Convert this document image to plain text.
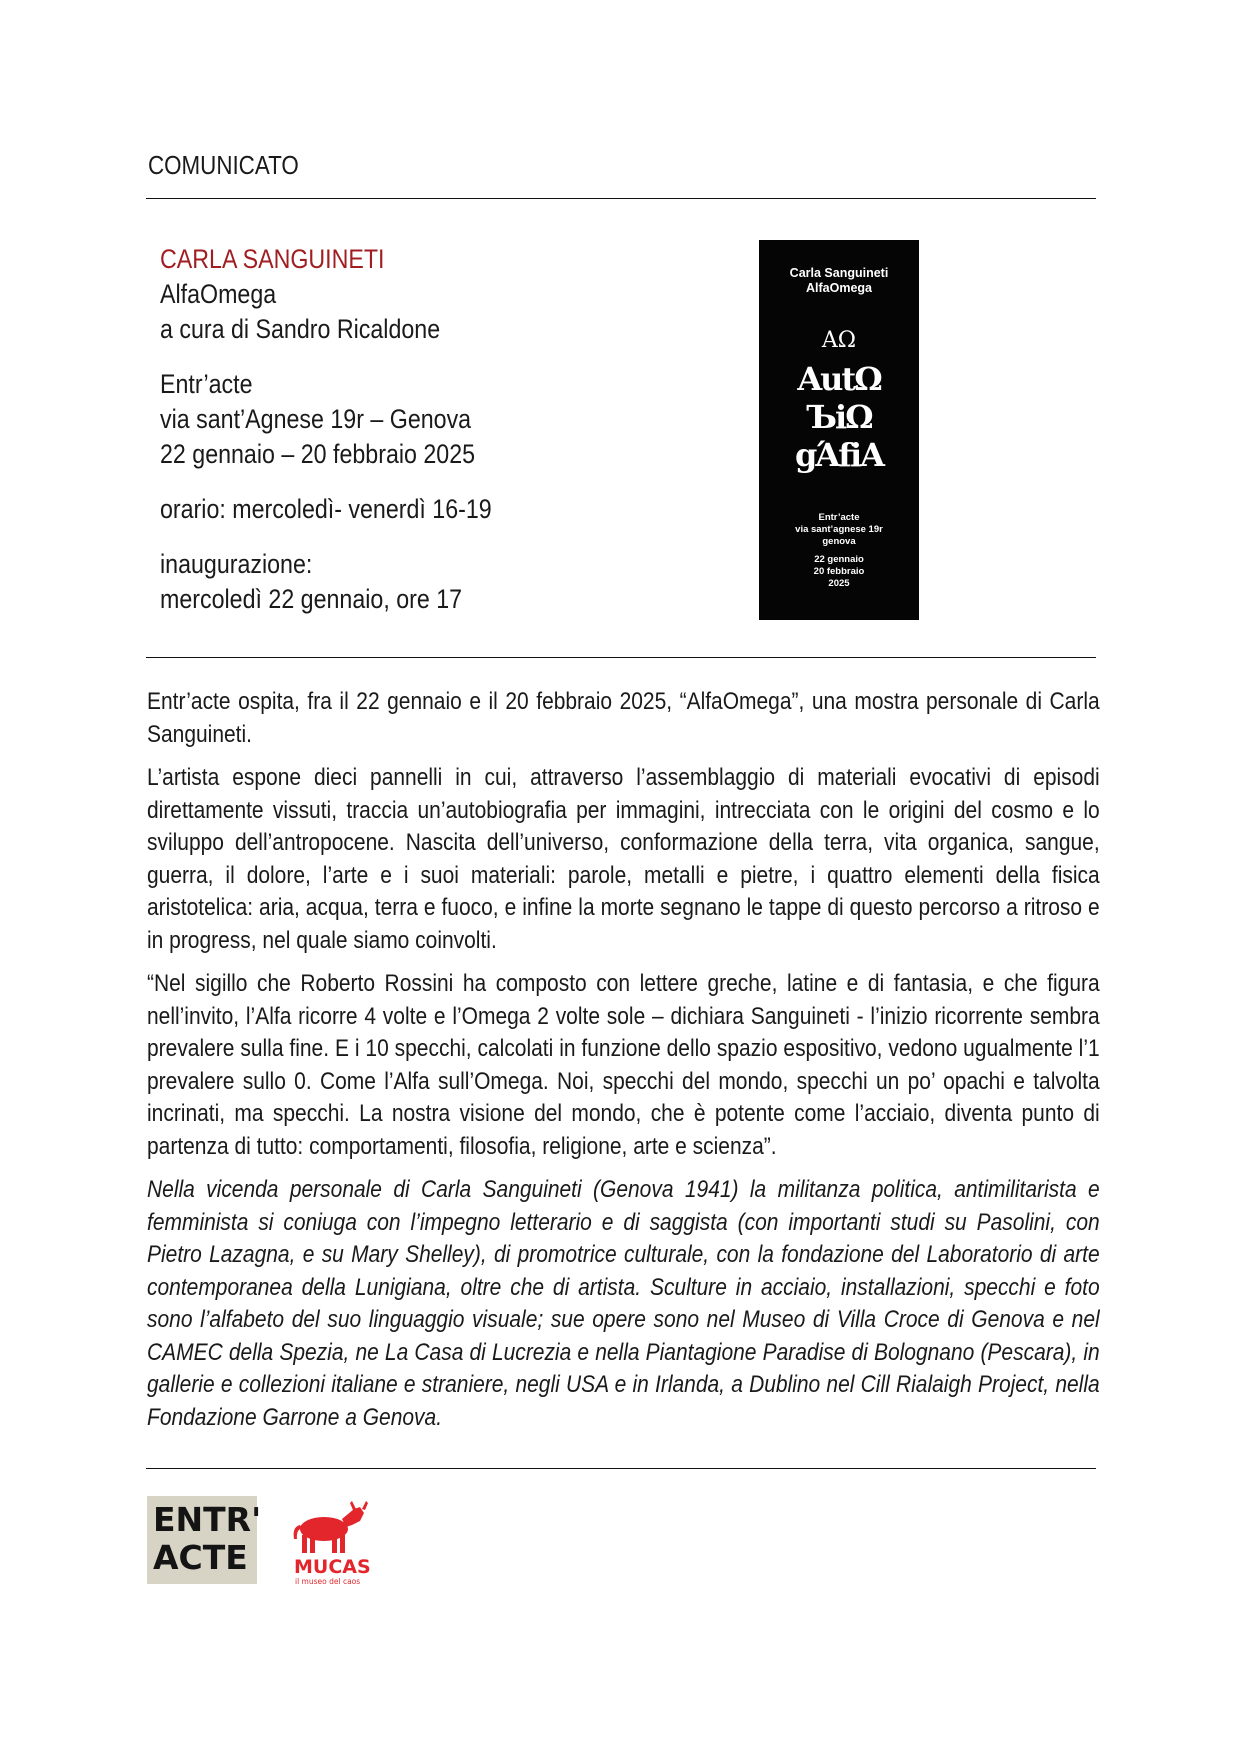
COMUNICATO
CARLA SANGUINETI
AlfaOmega
a cura di Sandro Ricaldone
Entr’acte
via sant’Agnese 19r – Genova
22 gennaio – 20 febbraio 2025
orario: mercoledì- venerdì 16-19
inaugurazione:
mercoledì 22 gennaio, ore 17
Carla Sanguineti
AlfaOmega
ΑΩ
ΑutΩ
ЪiΩ
gΆfiA
Entr’acte
via sant’agnese 19r
genova
22 gennaio
20 febbraio
2025

Entr’acte ospita, fra il 22 gennaio e il 20 febbraio 2025, “AlfaOmega”, una mostra personale di Carla Sanguineti.

L’artista espone dieci pannelli in cui, attraverso l’assemblaggio di materiali evocativi di episodi direttamente vissuti, traccia un’autobiografia per immagini, intrecciata con le origini del cosmo e lo sviluppo dell’antropocene. Nascita dell’universo, conformazione della terra, vita organica, sangue, guerra, il dolore, l’arte e i suoi materiali: parole, metalli e pietre, i quattro elementi della fisica aristotelica: aria, acqua, terra e fuoco, e infine la morte segnano le tappe di questo percorso a ritroso e in progress, nel quale siamo coinvolti.

“Nel sigillo che Roberto Rossini ha composto con lettere greche, latine e di fantasia, e che figura nell’invito, l’Alfa ricorre 4 volte e l’Omega 2 volte sole – dichiara Sanguineti - l’inizio ricorrente sembra prevalere sulla fine. E i 10 specchi, calcolati in funzione dello spazio espositivo, vedono ugualmente l’1 prevalere sullo 0. Come l’Alfa sull’Omega. Noi, specchi del mondo, specchi un po’ opachi e talvolta incrinati, ma specchi. La nostra visione del mondo, che è potente come l’acciaio, diventa punto di partenza di tutto: comportamenti, filosofia, religione, arte e scienza”.

Nella vicenda personale di Carla Sanguineti (Genova 1941) la militanza politica, antimilitarista e femminista si coniuga con l’impegno letterario e di saggista (con importanti studi su Pasolini, con Pietro Lazagna, e su Mary Shelley), di promotrice culturale, con la fondazione del Laboratorio di arte contemporanea della Lunigiana, oltre che di artista. Sculture in acciaio, installazioni, specchi e foto sono l’alfabeto del suo linguaggio visuale; sue opere sono nel Museo di Villa Croce di Genova e nel CAMEC della Spezia, ne La Casa di Lucrezia e nella Piantagione Paradise di Bolognano (Pescara), in gallerie e collezioni italiane e straniere, negli USA e in Irlanda, a Dublino nel Cill Rialaigh Project, nella Fondazione Garrone a Genova.

ENTR'
ACTE MUCAS
il museo del caos
